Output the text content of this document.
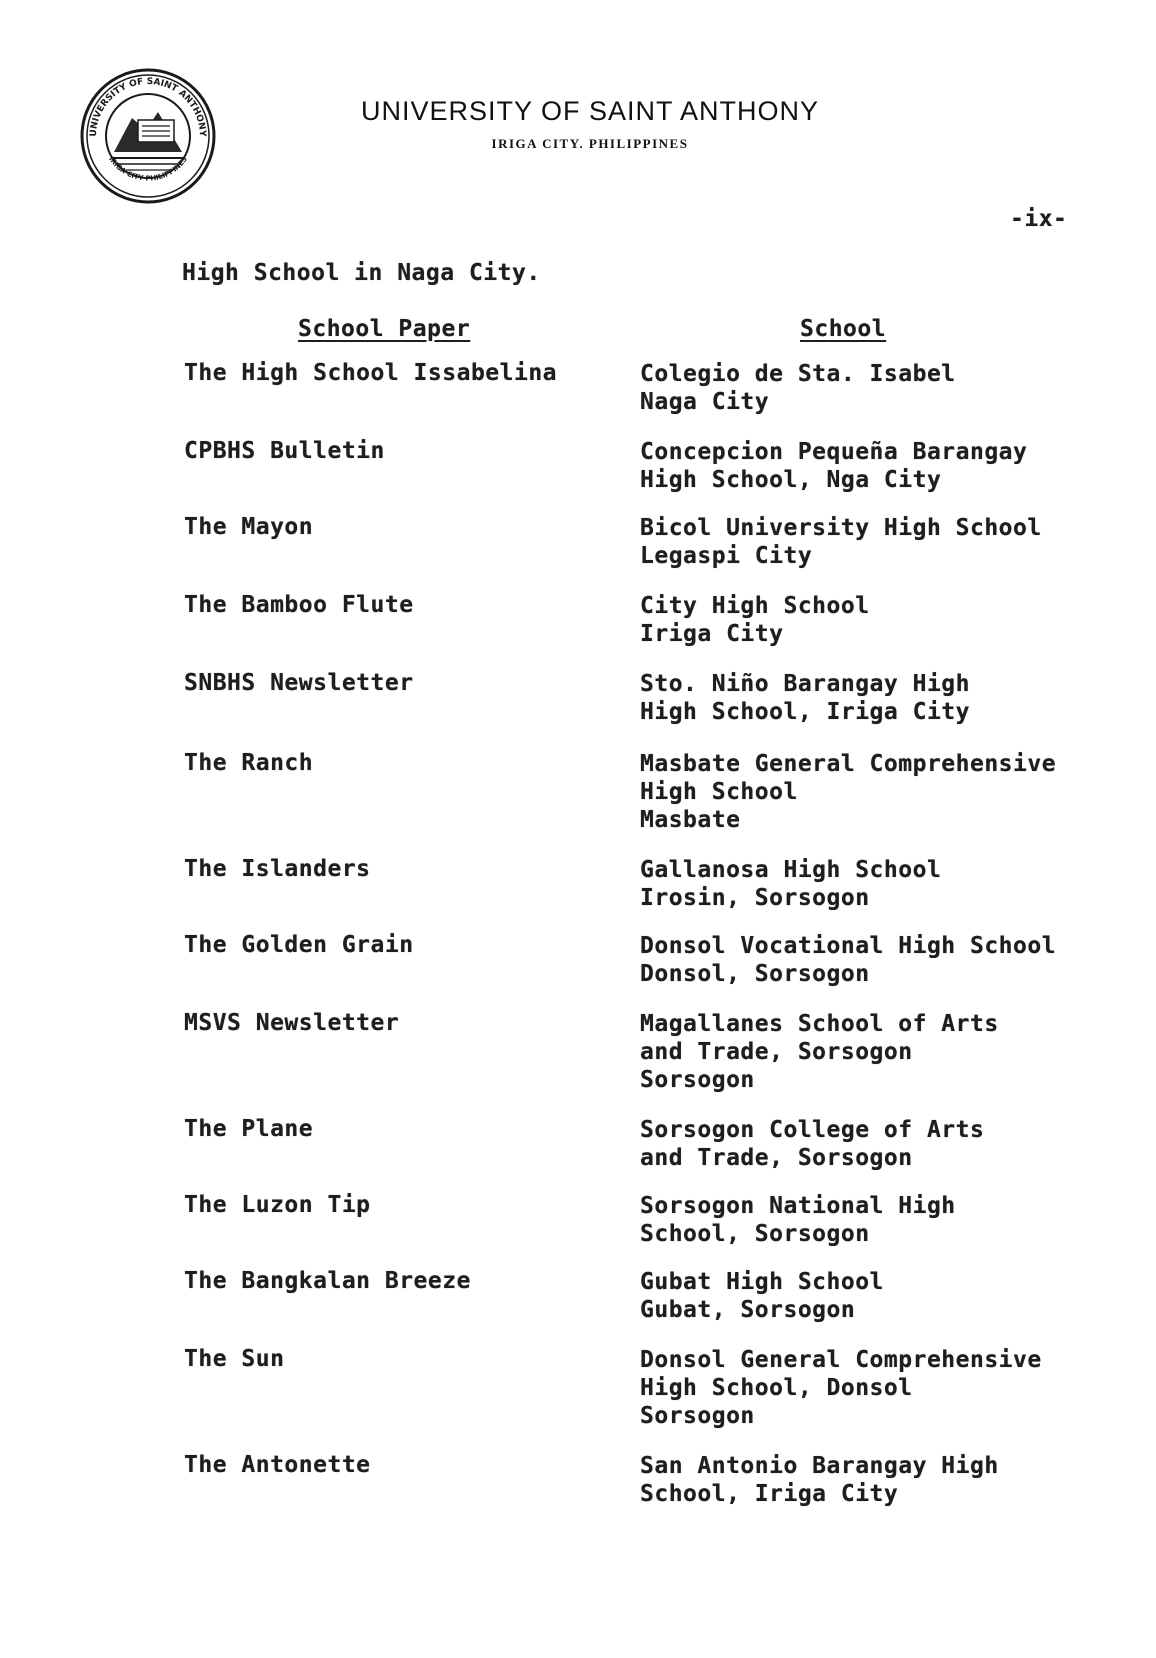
UNIVERSITY OF SAINT ANTHONY
IRIGA CITY PHILIPPINES
UNIVERSITY OF SAINT ANTHONY
IRIGA CITY. PHILIPPINES
-ix-
High School in Naga City.
School Paper	School
The High School Issabelina	Colegio de Sta. Isabel
Naga City
CPBHS Bulletin	Concepcion Pequeña Barangay
High School, Nga City
The Mayon	Bicol University High School
Legaspi City
The Bamboo Flute	City High School
Iriga City
SNBHS Newsletter	Sto. Niño Barangay High
High School, Iriga City
The Ranch	Masbate General Comprehensive
High School
Masbate
The Islanders	Gallanosa High School
Irosin, Sorsogon
The Golden Grain	Donsol Vocational High School
Donsol, Sorsogon
MSVS Newsletter	Magallanes School of Arts
and Trade, Sorsogon
Sorsogon
The Plane	Sorsogon College of Arts
and Trade, Sorsogon
The Luzon Tip	Sorsogon National High
School, Sorsogon
The Bangkalan Breeze	Gubat High School
Gubat, Sorsogon
The Sun	Donsol General Comprehensive
High School, Donsol
Sorsogon
The Antonette	San Antonio Barangay High
School, Iriga City
